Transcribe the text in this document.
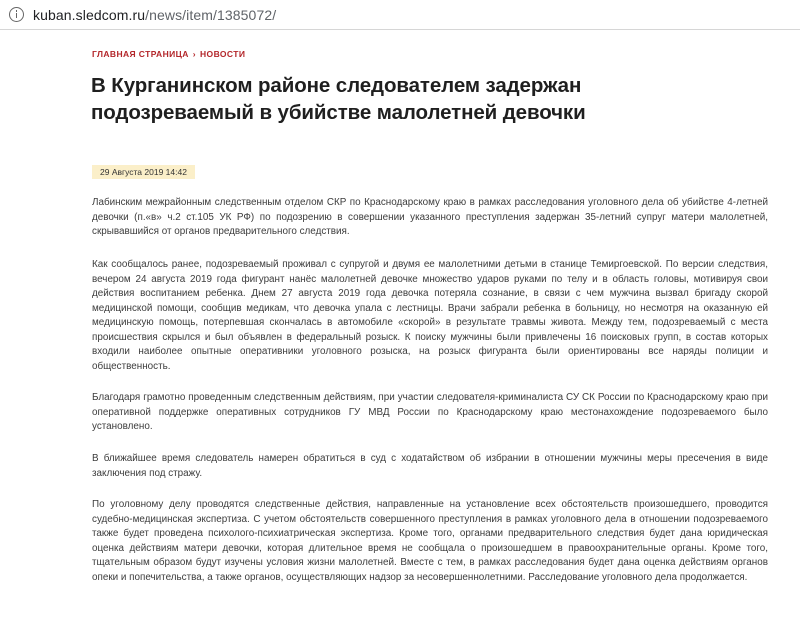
kuban.sledcom.ru/news/item/1385072/
ГЛАВНАЯ СТРАНИЦА › НОВОСТИ
В Курганинском районе следователем задержан подозреваемый в убийстве малолетней девочки
29 Августа 2019 14:42

Лабинским межрайонным следственным отделом СКР по Краснодарскому краю в рамках расследования уголовного дела об убийстве 4-летней девочки (п.«в» ч.2 ст.105 УК РФ) по подозрению в совершении указанного преступления задержан 35-летний супруг матери малолетней, скрывавшийся от органов предварительного следствия.

Как сообщалось ранее, подозреваемый проживал с супругой и двумя ее малолетними детьми в станице Темиргоевской. По версии следствия, вечером 24 августа 2019 года фигурант нанёс малолетней девочке множество ударов руками по телу и в область головы, мотивируя свои действия воспитанием ребенка. Днем 27 августа 2019 года девочка потеряла сознание, в связи с чем мужчина вызвал бригаду скорой медицинской помощи, сообщив медикам, что девочка упала с лестницы. Врачи забрали ребенка в больницу, но несмотря на оказанную ей медицинскую помощь, потерпевшая скончалась в автомобиле «скорой» в результате травмы живота. Между тем, подозреваемый с места происшествия скрылся и был объявлен в федеральный розыск. К поиску мужчины были привлечены 16 поисковых групп, в состав которых входили наиболее опытные оперативники уголовного розыска, на розыск фигуранта были ориентированы все наряды полиции и общественность.

Благодаря грамотно проведенным следственным действиям, при участии следователя-криминалиста СУ СК России по Краснодарскому краю при оперативной поддержке оперативных сотрудников ГУ МВД России по Краснодарскому краю местонахождение подозреваемого было установлено.

В ближайшее время следователь намерен обратиться в суд с ходатайством об избрании в отношении мужчины меры пресечения в виде заключения под стражу.

По уголовному делу проводятся следственные действия, направленные на установление всех обстоятельств произошедшего, проводится судебно-медицинская экспертиза. С учетом обстоятельств совершенного преступления в рамках уголовного дела в отношении подозреваемого также будет проведена психолого-психиатрическая экспертиза. Кроме того, органами предварительного следствия будет дана юридическая оценка действиям матери девочки, которая длительное время не сообщала о произошедшем в правоохранительные органы. Кроме того, тщательным образом будут изучены условия жизни малолетней. Вместе с тем, в рамках расследования будет дана оценка действиям органов опеки и попечительства, а также органов, осуществляющих надзор за несовершеннолетними. Расследование уголовного дела продолжается.
